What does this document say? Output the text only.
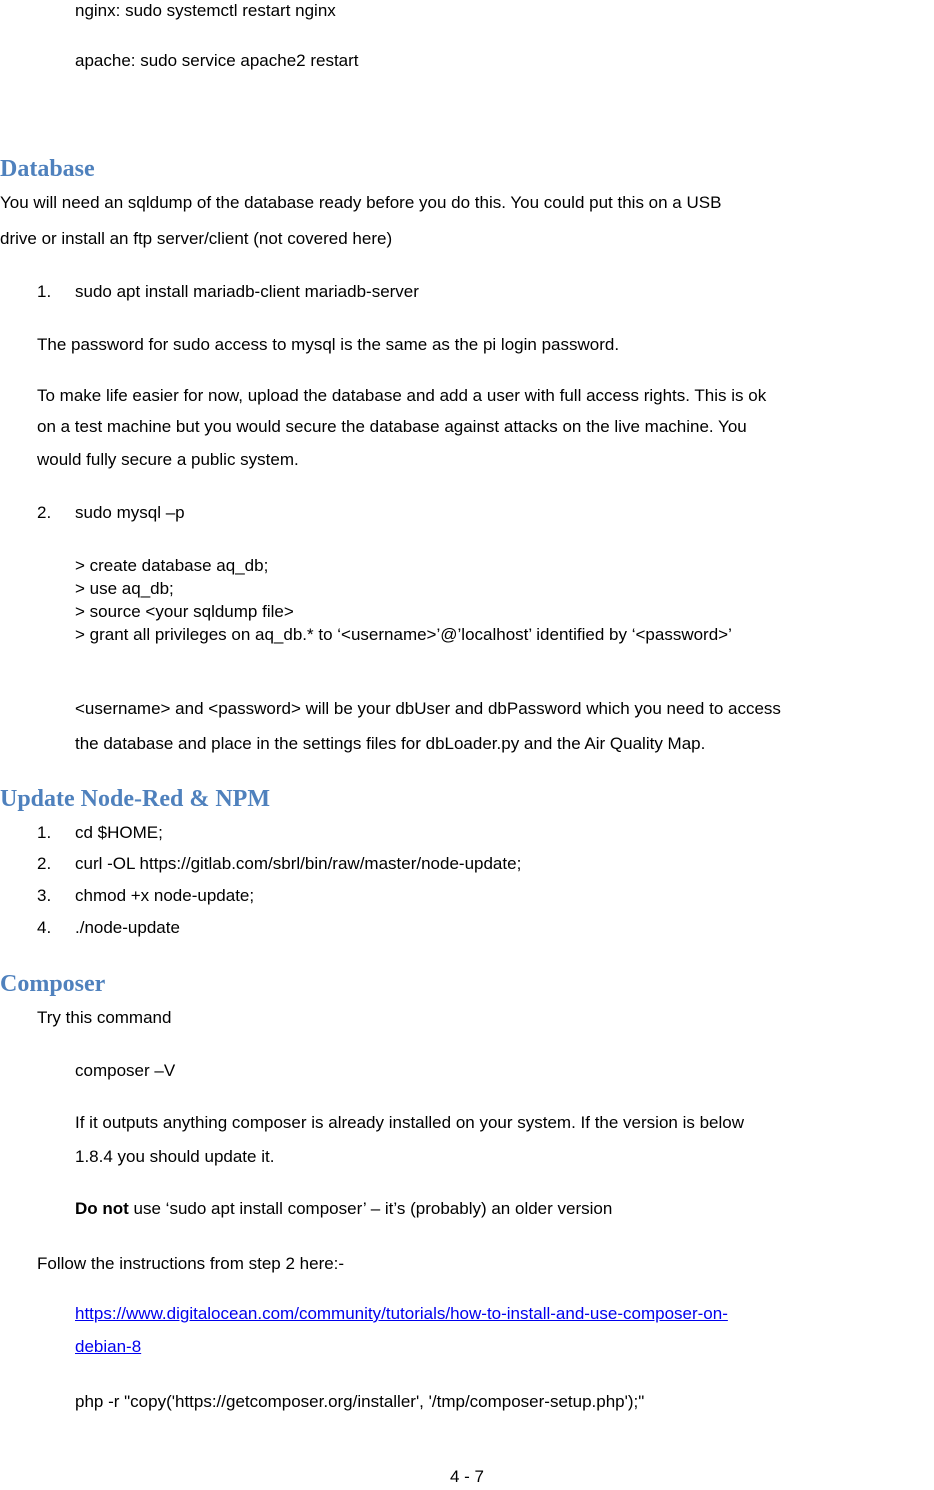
nginx: sudo systemctl restart nginx
apache: sudo service apache2 restart
Database
You will need an sqldump of the database ready before you do this. You could put this on a USB
drive or install an ftp server/client (not covered here)
1.	sudo apt install mariadb-client mariadb-server
The password for sudo access to mysql is the same as the pi login password.
To make life easier for now, upload the database and add a user with full access rights. This is ok
on a test machine but you would secure the database against attacks on the live machine. You
would fully secure a public system.
2.	sudo mysql –p
> create database aq_db;
> use aq_db;
> source <your sqldump file>
> grant all privileges on aq_db.* to ‘<username>’@’localhost’ identified by ‘<password>’
<username> and <password> will be your dbUser and dbPassword which you need to access
the database and place in the settings files for dbLoader.py and the Air Quality Map.
Update Node-Red & NPM
1.	cd $HOME;
2.	curl -OL https://gitlab.com/sbrl/bin/raw/master/node-update;
3.	chmod +x node-update;
4.	./node-update
Composer
Try this command
composer –V
If it outputs anything composer is already installed on your system. If the version is below
1.8.4 you should update it.
Do not use ‘sudo apt install composer’ – it’s (probably) an older version
Follow the instructions from step 2 here:-
https://www.digitalocean.com/community/tutorials/how-to-install-and-use-composer-on-
debian-8
php -r "copy('https://getcomposer.org/installer', '/tmp/composer-setup.php');"
4 - 7
